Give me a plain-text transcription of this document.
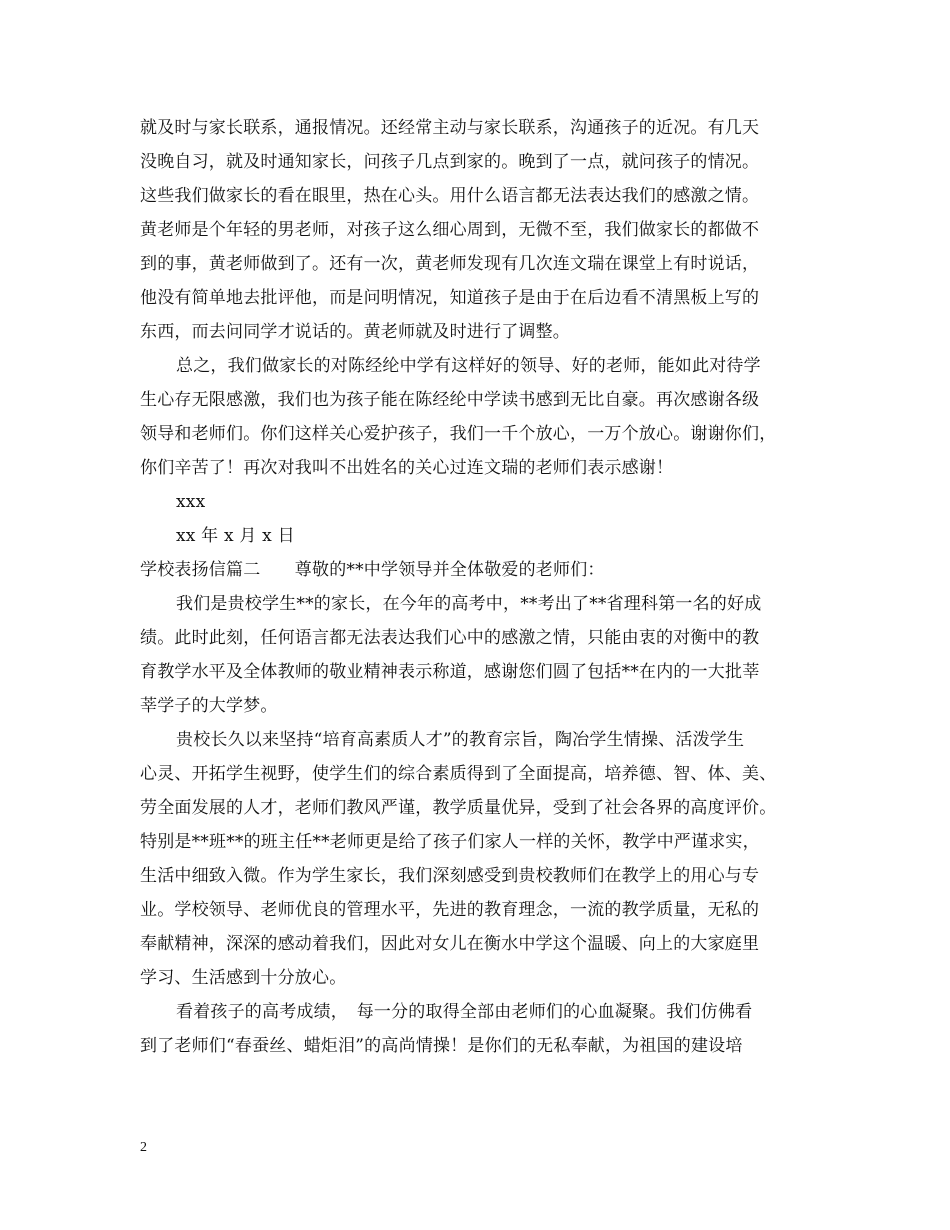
就及时与家长联系，通报情况。还经常主动与家长联系，沟通孩子的近况。有几天
没晚自习，就及时通知家长，问孩子几点到家的。晚到了一点，就问孩子的情况。
这些我们做家长的看在眼里，热在心头。用什么语言都无法表达我们的感激之情。
黄老师是个年轻的男老师，对孩子这么细心周到，无微不至，我们做家长的都做不
到的事，黄老师做到了。还有一次，黄老师发现有几次连文瑞在课堂上有时说话，
他没有简单地去批评他，而是问明情况，知道孩子是由于在后边看不清黑板上写的
东西，而去问同学才说话的。黄老师就及时进行了调整。
总之，我们做家长的对陈经纶中学有这样好的领导、好的老师，能如此对待学
生心存无限感激，我们也为孩子能在陈经纶中学读书感到无比自豪。再次感谢各级
领导和老师们。你们这样关心爱护孩子，我们一千个放心，一万个放心。谢谢你们，
你们辛苦了！再次对我叫不出姓名的关心过连文瑞的老师们表示感谢！
xxx
xx 年 x 月 x 日
学校表扬信篇二　　尊敬的**中学领导并全体敬爱的老师们：
我们是贵校学生**的家长，在今年的高考中，**考出了**省理科第一名的好成
绩。此时此刻，任何语言都无法表达我们心中的感激之情，只能由衷的对衡中的教
育教学水平及全体教师的敬业精神表示称道，感谢您们圆了包括**在内的一大批莘
莘学子的大学梦。
贵校长久以来坚持“培育高素质人才”的教育宗旨，陶冶学生情操、活泼学生
心灵、开拓学生视野，使学生们的综合素质得到了全面提高，培养德、智、体、美、
劳全面发展的人才，老师们教风严谨，教学质量优异，受到了社会各界的高度评价。
特别是**班**的班主任**老师更是给了孩子们家人一样的关怀，教学中严谨求实，
生活中细致入微。作为学生家长，我们深刻感受到贵校教师们在教学上的用心与专
业。学校领导、老师优良的管理水平，先进的教育理念，一流的教学质量，无私的
奉献精神，深深的感动着我们，因此对女儿在衡水中学这个温暖、向上的大家庭里
学习、生活感到十分放心。
看着孩子的高考成绩，　每一分的取得全部由老师们的心血凝聚。我们仿佛看
到了老师们“春蚕丝、蜡炬泪”的高尚情操！是你们的无私奉献，为祖国的建设培
2
